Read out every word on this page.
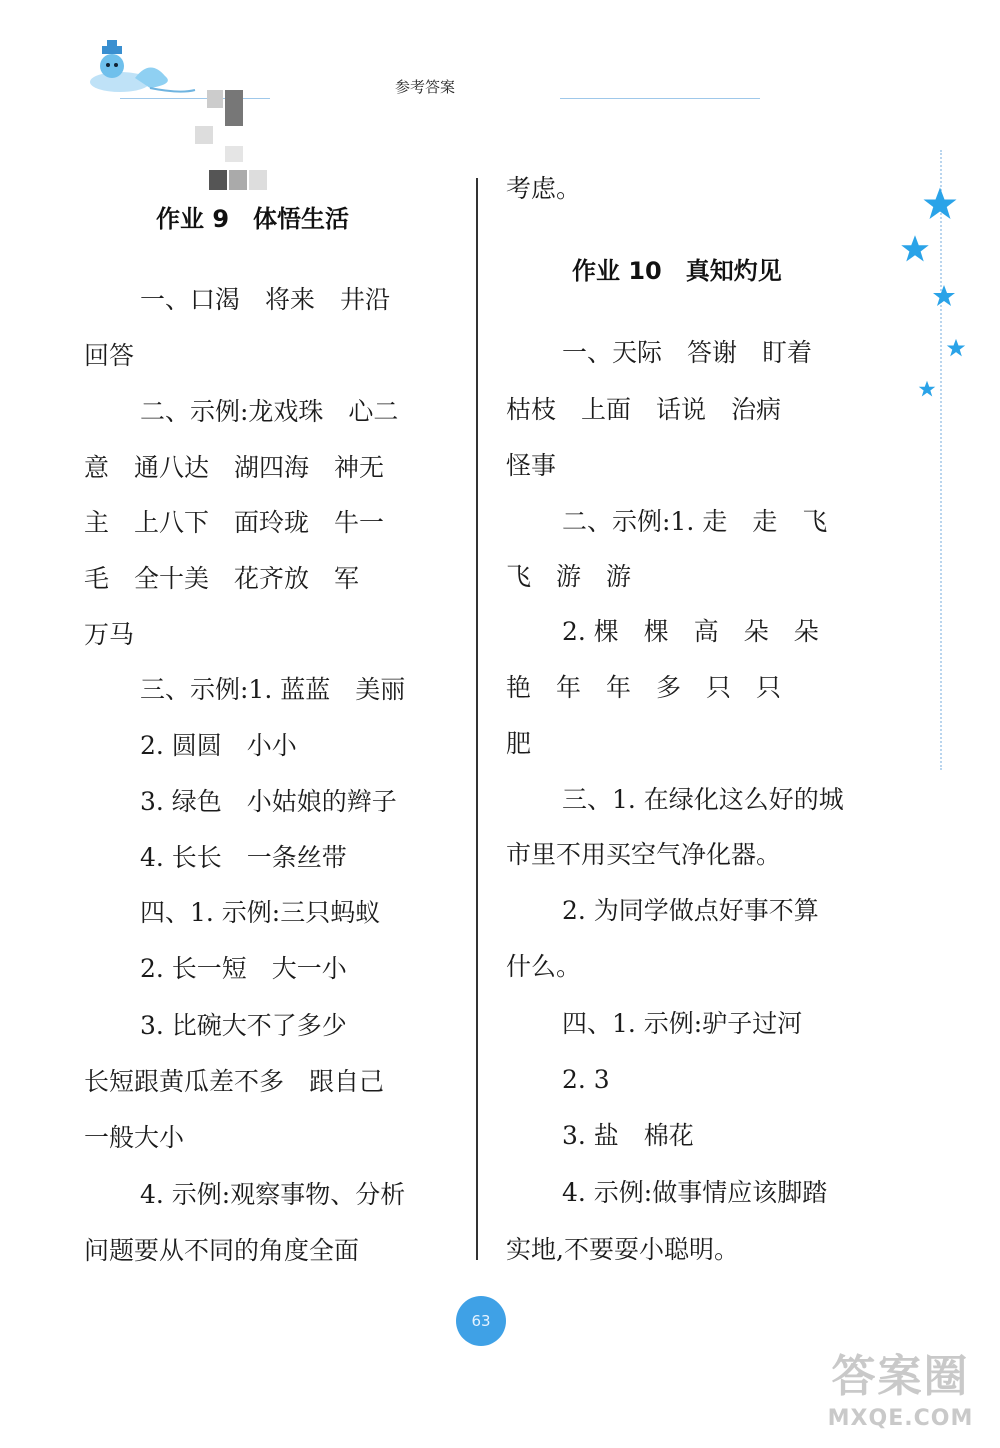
参考答案
作业 9　体悟生活
一、口渴　将来　井沿
回答
二、示例:龙戏珠　心二
意　通八达　湖四海　神无
主　上八下　面玲珑　牛一
毛　全十美　花齐放　军
万马
三、示例:1. 蓝蓝　美丽
2. 圆圆　小小
3. 绿色　小姑娘的辫子
4. 长长　一条丝带
四、1. 示例:三只蚂蚁
2. 长一短　大一小
3. 比碗大不了多少
长短跟黄瓜差不多　跟自己
一般大小
4. 示例:观察事物、分析
问题要从不同的角度全面
考虑。
作业 10　真知灼见
一、天际　答谢　盯着
枯枝　上面　话说　治病
怪事
二、示例:1. 走　走　飞
飞　游　游
2. 棵　棵　高　朵　朵
艳　年　年　多　只　只
肥
三、1. 在绿化这么好的城
市里不用买空气净化器。
2. 为同学做点好事不算
什么。
四、1. 示例:驴子过河
2. 3
3. 盐　棉花
4. 示例:做事情应该脚踏
实地,不要耍小聪明。
63
答案圈
MXQE.COM
